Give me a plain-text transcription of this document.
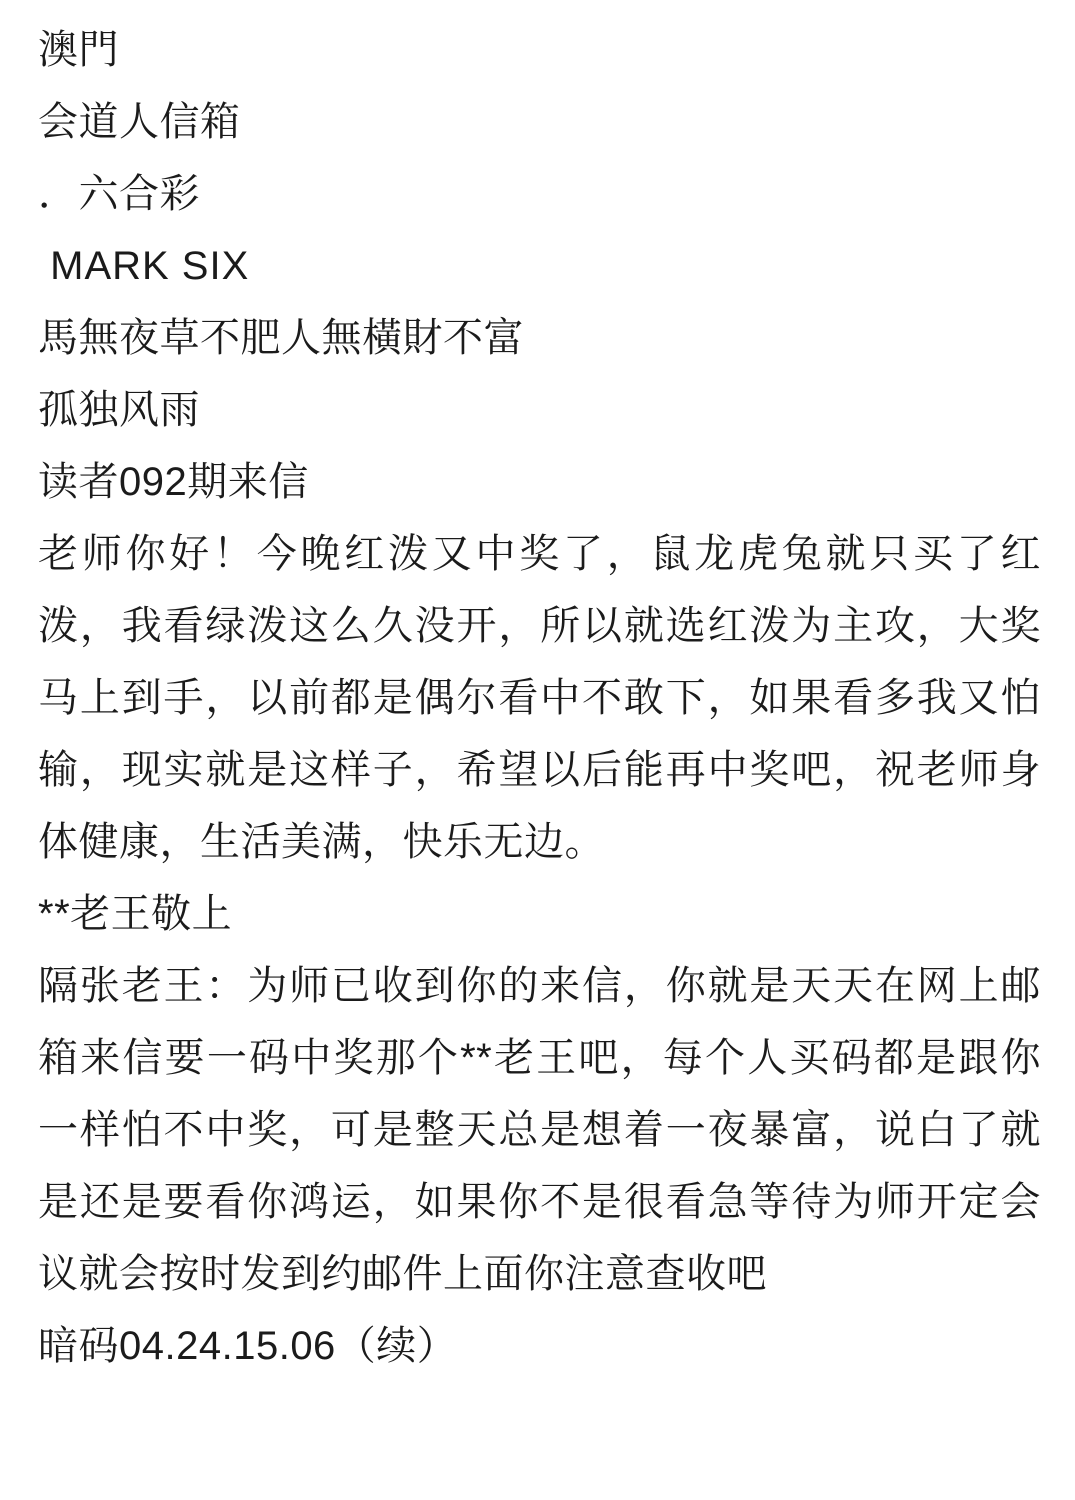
澳門
会道人信箱
．六合彩
MARK SIX
馬無夜草不肥人無橫財不富
孤独风雨
读者092期来信

老师你好！今晚红泼又中奖了，鼠龙虎兔就只买了红泼，我看绿泼这么久没开，所以就选红泼为主攻，大奖马上到手，以前都是偶尔看中不敢下，如果看多我又怕输，现实就是这样子，希望以后能再中奖吧，祝老师身体健康，生活美满，快乐无边。

**老王敬上

隔张老王：为师已收到你的来信，你就是天天在网上邮箱来信要一码中奖那个**老王吧，每个人买码都是跟你一样怕不中奖，可是整天总是想着一夜暴富，说白了就是还是要看你鸿运，如果你不是很看急等待为师开定会议就会按时发到约邮件上面你注意查收吧

暗码04.24.15.06（续）
